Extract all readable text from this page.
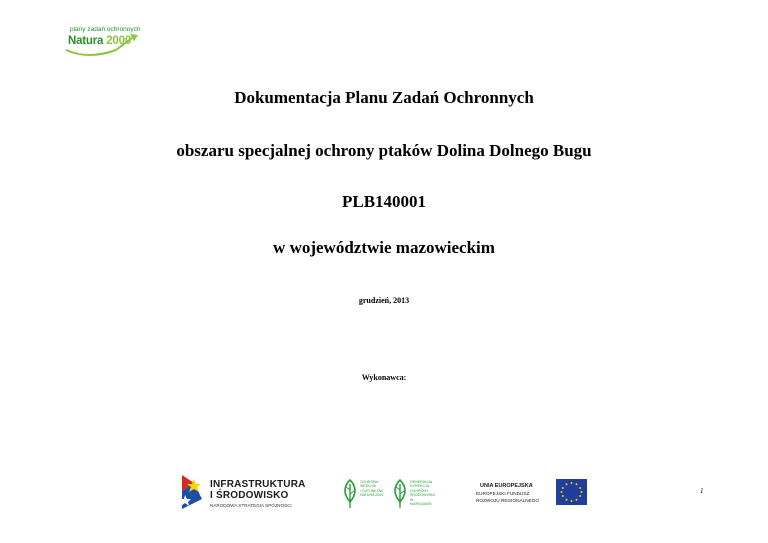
plany zadań ochronnych
Natura 2000
Dokumentacja Planu Zadań Ochronnych
obszaru specjalnej ochrony ptaków Dolina Dolnego Bugu
PLB140001
w województwie mazowieckim
grudzień, 2013
Wykonawca:
INFRASTRUKTURA
I ŚRODOWISKO
NARODOWA STRATEGIA SPÓJNOŚCI
OCHRONA
SIEDLISK
I GATUNKÓW
NATURA 2000
GENERALNA
DYREKCJA
OCHRONY
ŚRODOWISKA
W WARSZAWIE
UNIA EUROPEJSKA
EUROPEJSKI FUNDUSZ
ROZWOJU REGIONALNEGO
1
